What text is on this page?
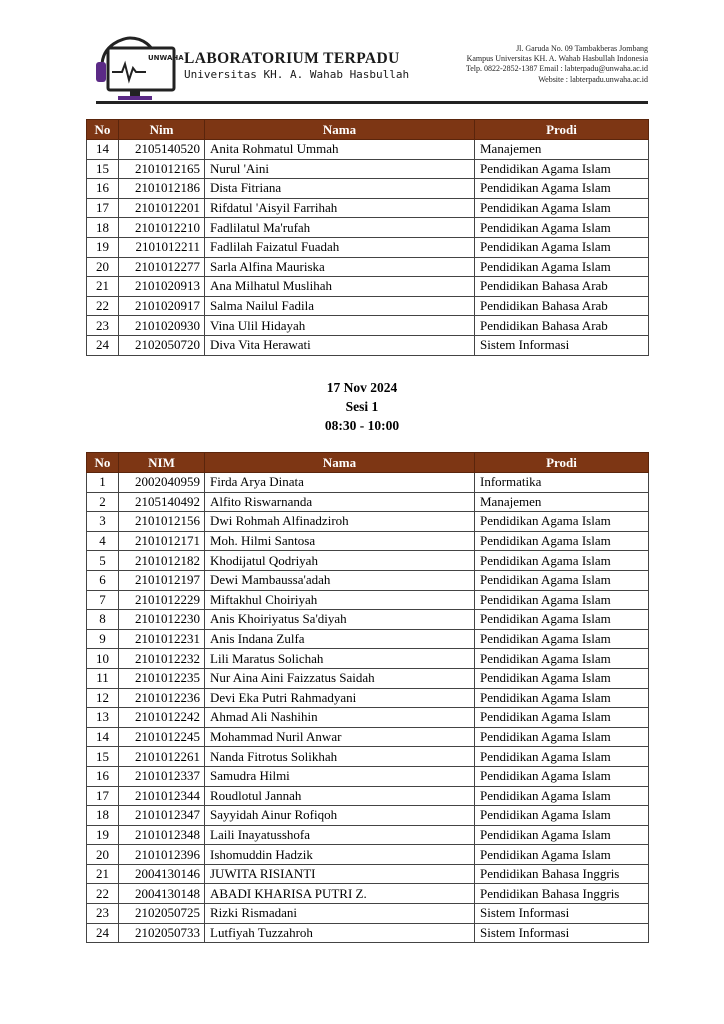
UNWAHA LABORATORIUM TERPADU
Universitas KH. A. Wahab Hasbullah
Jl. Garuda No. 09 Tambakberas Jombang
Kampus Universitas KH. A. Wahab Hasbullah Indonesia
Telp. 0822-2852-1387 Email : labterpadu@unwaha.ac.id
Website : labterpadu.unwaha.ac.id
No	Nim	Nama	Prodi
14	2105140520	Anita Rohmatul Ummah	Manajemen
15	2101012165	Nurul 'Aini	Pendidikan Agama Islam
16	2101012186	Dista Fitriana	Pendidikan Agama Islam
17	2101012201	Rifdatul 'Aisyil Farrihah	Pendidikan Agama Islam
18	2101012210	Fadlilatul Ma'rufah	Pendidikan Agama Islam
19	2101012211	Fadlilah Faizatul Fuadah	Pendidikan Agama Islam
20	2101012277	Sarla Alfina Mauriska	Pendidikan Agama Islam
21	2101020913	Ana Milhatul Muslihah	Pendidikan Bahasa Arab
22	2101020917	Salma Nailul Fadila	Pendidikan Bahasa Arab
23	2101020930	Vina Ulil Hidayah	Pendidikan Bahasa Arab
24	2102050720	Diva Vita Herawati	Sistem Informasi
17 Nov 2024
Sesi 1
08:30 - 10:00
No	NIM	Nama	Prodi
1	2002040959	Firda Arya Dinata	Informatika
2	2105140492	Alfito Riswarnanda	Manajemen
3	2101012156	Dwi Rohmah Alfinadziroh	Pendidikan Agama Islam
4	2101012171	Moh. Hilmi Santosa	Pendidikan Agama Islam
5	2101012182	Khodijatul Qodriyah	Pendidikan Agama Islam
6	2101012197	Dewi Mambaussa'adah	Pendidikan Agama Islam
7	2101012229	Miftakhul Choiriyah	Pendidikan Agama Islam
8	2101012230	Anis Khoiriyatus Sa'diyah	Pendidikan Agama Islam
9	2101012231	Anis Indana Zulfa	Pendidikan Agama Islam
10	2101012232	Lili Maratus Solichah	Pendidikan Agama Islam
11	2101012235	Nur Aina Aini Faizzatus Saidah	Pendidikan Agama Islam
12	2101012236	Devi Eka Putri Rahmadyani	Pendidikan Agama Islam
13	2101012242	Ahmad Ali Nashihin	Pendidikan Agama Islam
14	2101012245	Mohammad Nuril Anwar	Pendidikan Agama Islam
15	2101012261	Nanda Fitrotus Solikhah	Pendidikan Agama Islam
16	2101012337	Samudra Hilmi	Pendidikan Agama Islam
17	2101012344	Roudlotul Jannah	Pendidikan Agama Islam
18	2101012347	Sayyidah Ainur Rofiqoh	Pendidikan Agama Islam
19	2101012348	Laili Inayatusshofa	Pendidikan Agama Islam
20	2101012396	Ishomuddin Hadzik	Pendidikan Agama Islam
21	2004130146	JUWITA RISIANTI	Pendidikan Bahasa Inggris
22	2004130148	ABADI KHARISA PUTRI Z.	Pendidikan Bahasa Inggris
23	2102050725	Rizki Rismadani	Sistem Informasi
24	2102050733	Lutfiyah Tuzzahroh	Sistem Informasi
